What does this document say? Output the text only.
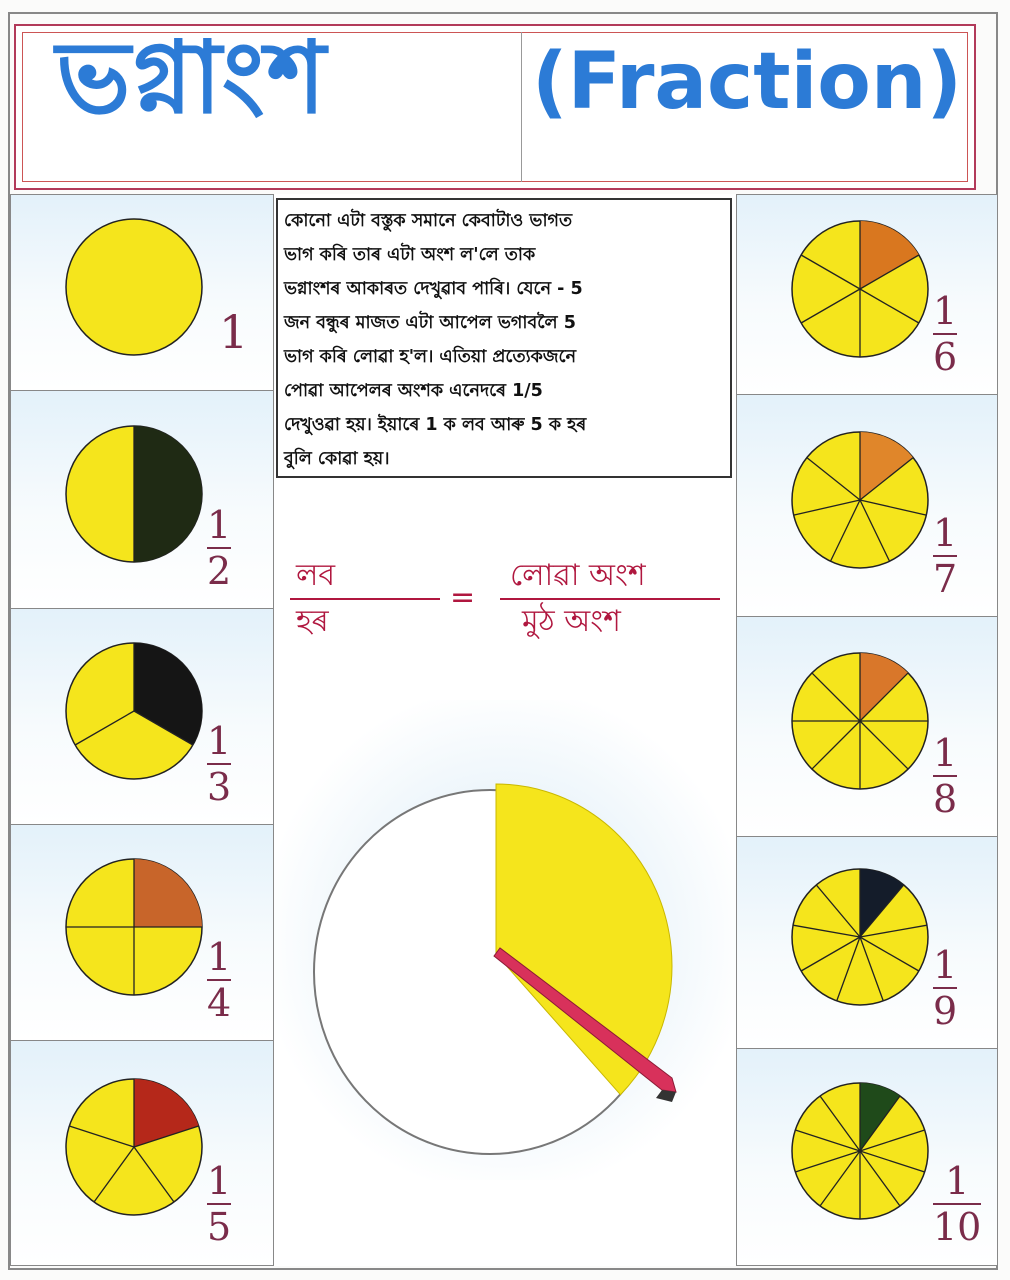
ভগ্নাংশ	(Fraction)
1
1
2
1
3
1
4
1
5
1
6
1
7
1
8
1
9
1
10

কোনো এটা বস্তুক সমানে কেবাটাও ভাগত

ভাগ কৰি তাৰ এটা অংশ ল'লে তাক

ভগ্নাংশৰ আকাৰত দেখুৱাব পাৰি। যেনে - 5

জন বন্ধুৰ মাজত এটা আপেল ভগাবলৈ 5

ভাগ কৰি লোৱা হ'ল। এতিয়া প্ৰত্যেকজনে

পোৱা আপেলৰ অংশক এনেদৰে 1/5

দেখুওৱা হয়। ইয়াৰে 1 ক লব আৰু 5 ক হৰ

বুলি কোৱা হয়।

লব
হৰ
=
লোৱা অংশ
মুঠ অংশ
